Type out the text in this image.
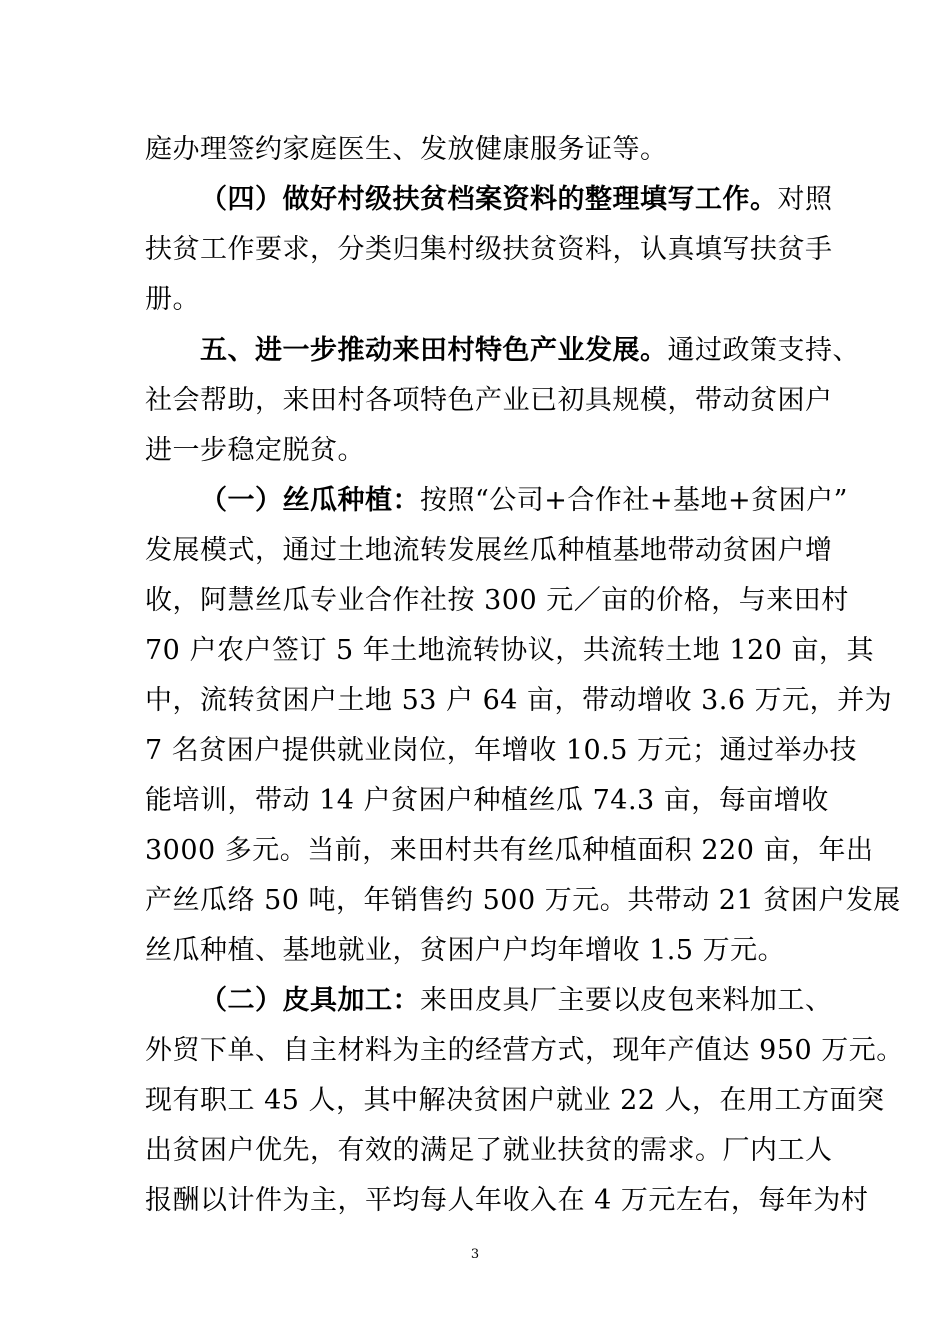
庭办理签约家庭医生、发放健康服务证等。
（四）做好村级扶贫档案资料的整理填写工作。对照
扶贫工作要求，分类归集村级扶贫资料，认真填写扶贫手
册。
五、进一步推动来田村特色产业发展。通过政策支持、
社会帮助，来田村各项特色产业已初具规模，带动贫困户
进一步稳定脱贫。
（一）丝瓜种植：按照“公司+合作社+基地+贫困户”
发展模式，通过土地流转发展丝瓜种植基地带动贫困户增
收，阿慧丝瓜专业合作社按 300 元／亩的价格，与来田村
70 户农户签订 5 年土地流转协议，共流转土地 120 亩，其
中，流转贫困户土地 53 户 64 亩，带动增收 3.6 万元，并为
7 名贫困户提供就业岗位，年增收 10.5 万元；通过举办技
能培训，带动 14 户贫困户种植丝瓜 74.3 亩，每亩增收
3000 多元。当前，来田村共有丝瓜种植面积 220 亩，年出
产丝瓜络 50 吨，年销售约 500 万元。共带动 21 贫困户发展
丝瓜种植、基地就业，贫困户户均年增收 1.5 万元。
（二）皮具加工：来田皮具厂主要以皮包来料加工、
外贸下单、自主材料为主的经营方式，现年产值达 950 万元。
现有职工 45 人，其中解决贫困户就业 22 人，在用工方面突
出贫困户优先，有效的满足了就业扶贫的需求。厂内工人
报酬以计件为主，平均每人年收入在 4 万元左右，每年为村
3
